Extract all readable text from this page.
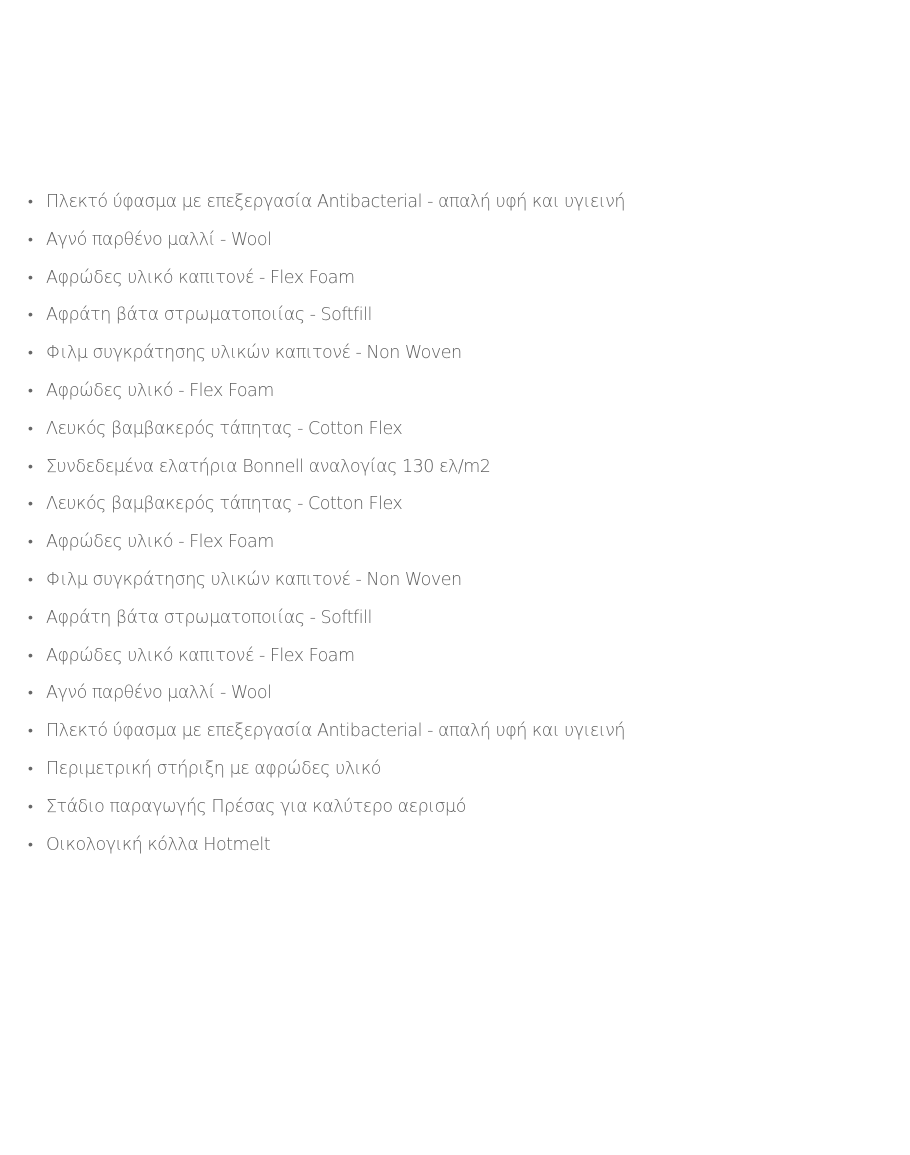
• Πλεκτό ύφασμα με επεξεργασία Antibacterial - απαλή υφή και υγιεινή
• Αγνό παρθένο μαλλί - Wool
• Αφρώδες υλικό καπιτονέ - Flex Foam
• Αφράτη βάτα στρωματοποιίας - Softfill
• Φιλμ συγκράτησης υλικών καπιτονέ - Non Woven
• Αφρώδες υλικό - Flex Foam
• Λευκός βαμβακερός τάπητας - Cotton Flex
• Συνδεδεμένα ελατήρια Bonnell αναλογίας 130 ελ/m2
• Λευκός βαμβακερός τάπητας - Cotton Flex
• Αφρώδες υλικό - Flex Foam
• Φιλμ συγκράτησης υλικών καπιτονέ - Non Woven
• Αφράτη βάτα στρωματοποιίας - Softfill
• Αφρώδες υλικό καπιτονέ - Flex Foam
• Αγνό παρθένο μαλλί - Wool
• Πλεκτό ύφασμα με επεξεργασία Antibacterial - απαλή υφή και υγιεινή
• Περιμετρική στήριξη με αφρώδες υλικό
• Στάδιο παραγωγής Πρέσας για καλύτερο αερισμό
• Οικολογική κόλλα Hotmelt
